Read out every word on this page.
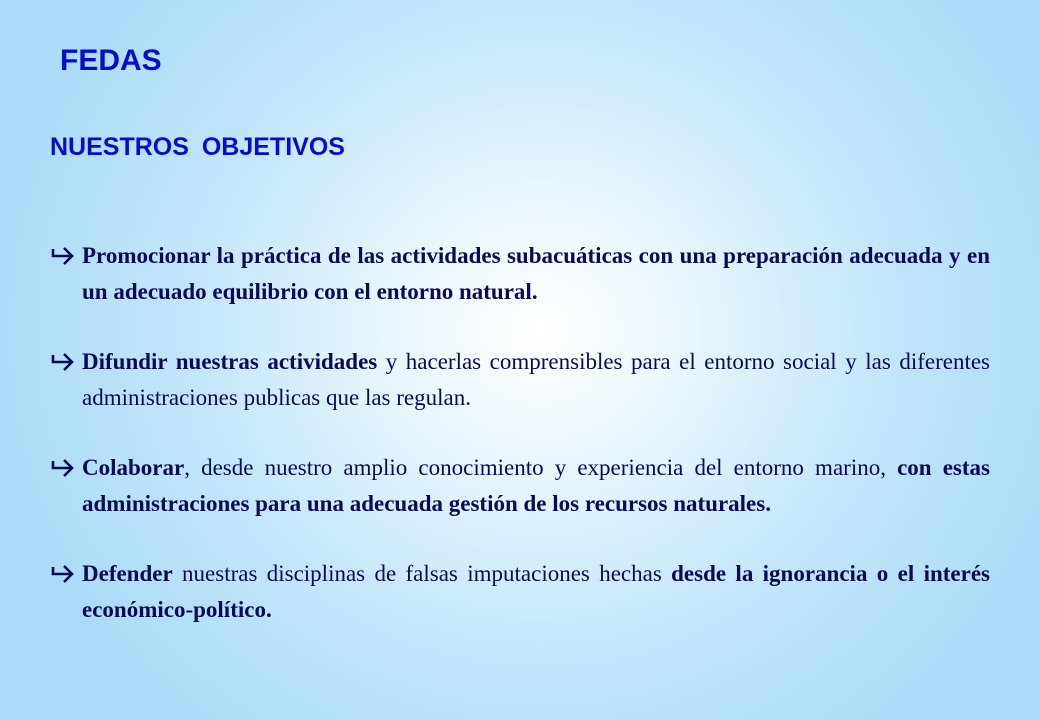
FEDAS
NUESTROS OBJETIVOS
Promocionar la práctica de las actividades subacuáticas con una preparación adecuada y en un adecuado equilibrio con el entorno natural.
Difundir nuestras actividades y hacerlas comprensibles para el entorno social y las diferentes administraciones publicas que las regulan.
Colaborar, desde nuestro amplio conocimiento y experiencia del entorno marino, con estas administraciones para una adecuada gestión de los recursos naturales.
Defender nuestras disciplinas de falsas imputaciones hechas desde la ignorancia o el interés económico-político.
